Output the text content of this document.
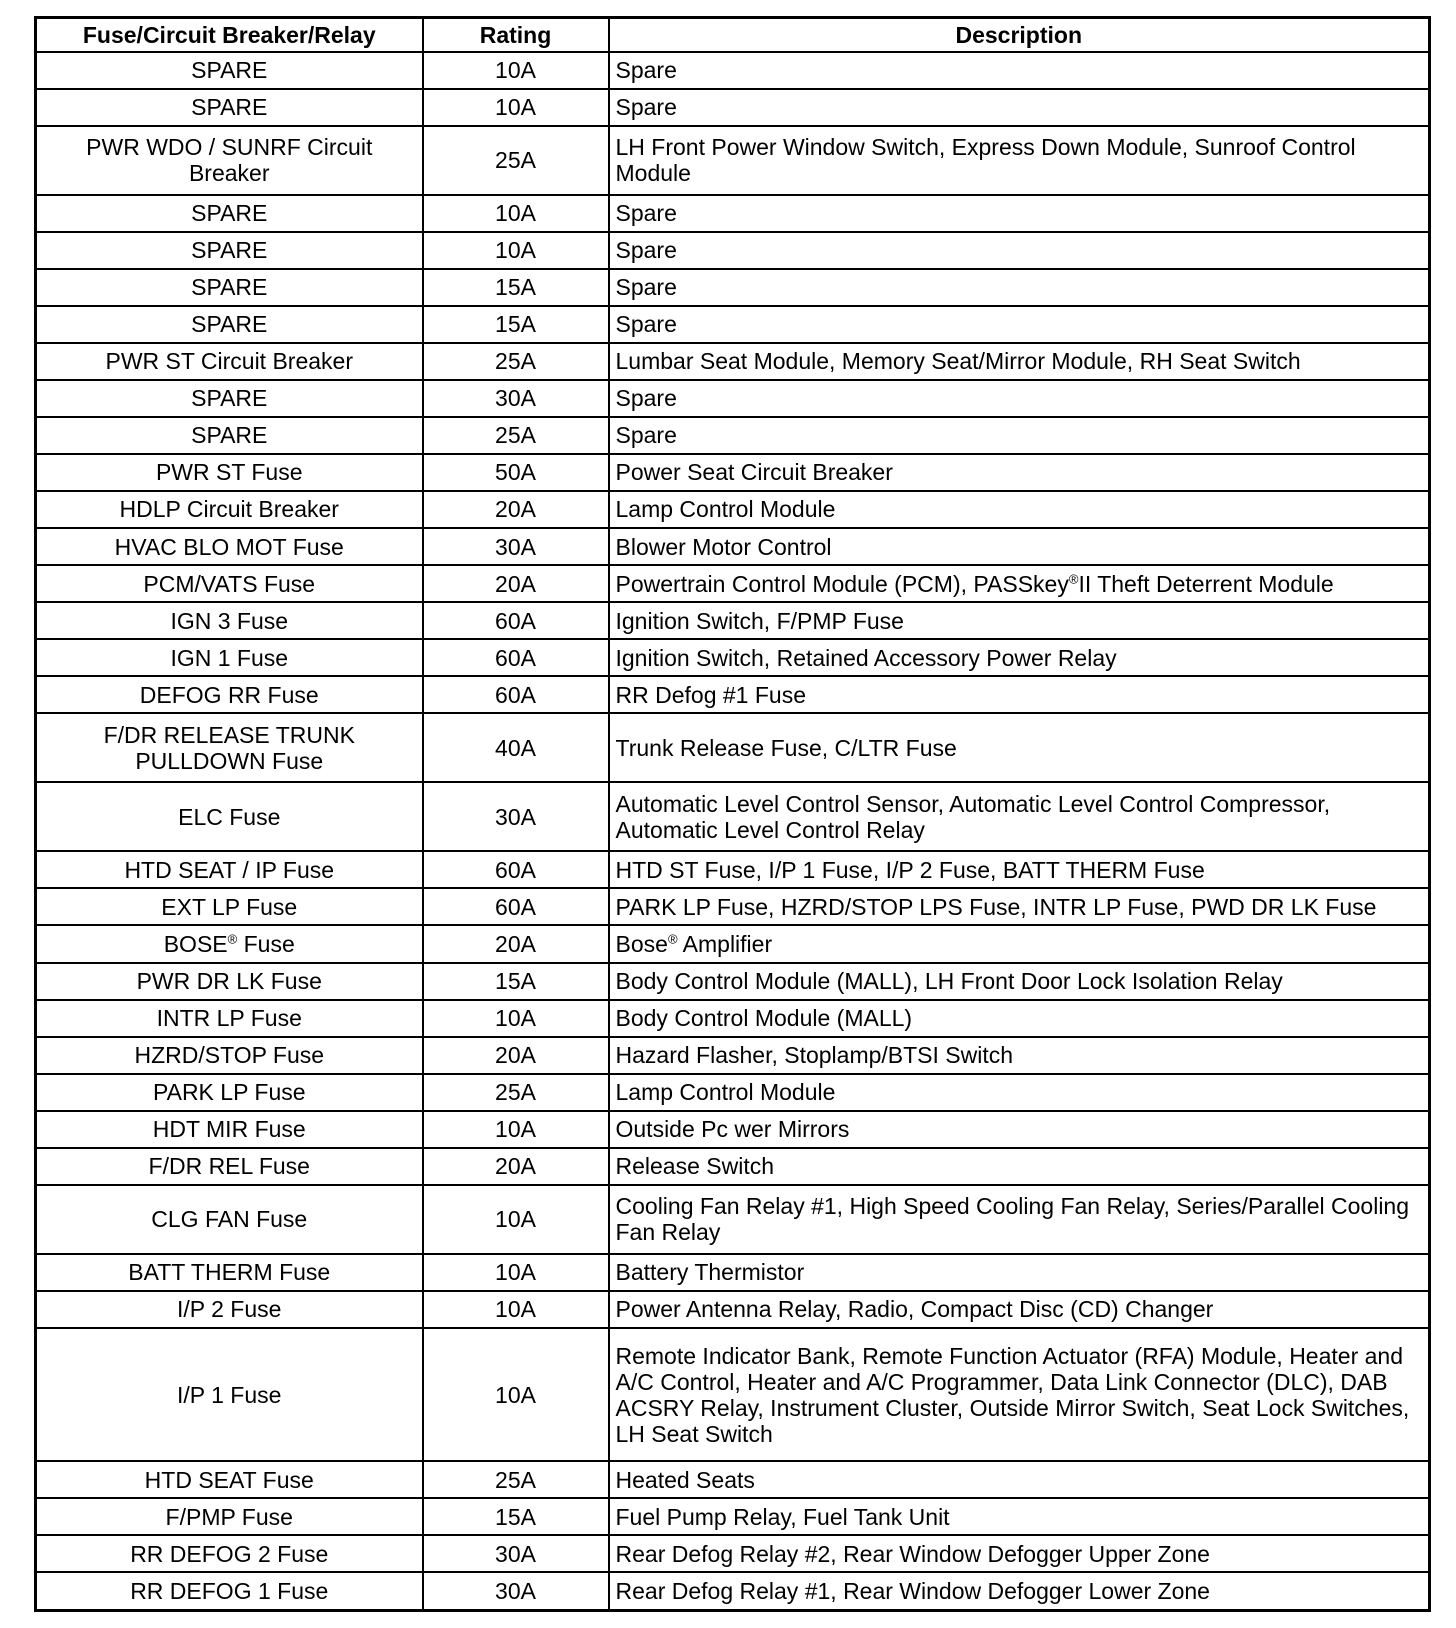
Fuse/Circuit Breaker/Relay	Rating	Description
SPARE	10A	Spare
SPARE	10A	Spare
PWR WDO / SUNRF Circuit Breaker	25A	LH Front Power Window Switch, Express Down Module, Sunroof Control Module
SPARE	10A	Spare
SPARE	10A	Spare
SPARE	15A	Spare
SPARE	15A	Spare
PWR ST Circuit Breaker	25A	Lumbar Seat Module, Memory Seat/Mirror Module, RH Seat Switch
SPARE	30A	Spare
SPARE	25A	Spare
PWR ST Fuse	50A	Power Seat Circuit Breaker
HDLP Circuit Breaker	20A	Lamp Control Module
HVAC BLO MOT Fuse	30A	Blower Motor Control
PCM/VATS Fuse	20A	Powertrain Control Module (PCM), PASSkey®II Theft Deterrent Module
IGN 3 Fuse	60A	Ignition Switch, F/PMP Fuse
IGN 1 Fuse	60A	Ignition Switch, Retained Accessory Power Relay
DEFOG RR Fuse	60A	RR Defog #1 Fuse
F/DR RELEASE TRUNK PULLDOWN Fuse	40A	Trunk Release Fuse, C/LTR Fuse
ELC Fuse	30A	Automatic Level Control Sensor, Automatic Level Control Compressor, Automatic Level Control Relay
HTD SEAT / IP Fuse	60A	HTD ST Fuse, I/P 1 Fuse, I/P 2 Fuse, BATT THERM Fuse
EXT LP Fuse	60A	PARK LP Fuse, HZRD/STOP LPS Fuse, INTR LP Fuse, PWD DR LK Fuse
BOSE® Fuse	20A	Bose® Amplifier
PWR DR LK Fuse	15A	Body Control Module (MALL), LH Front Door Lock Isolation Relay
INTR LP Fuse	10A	Body Control Module (MALL)
HZRD/STOP Fuse	20A	Hazard Flasher, Stoplamp/BTSI Switch
PARK LP Fuse	25A	Lamp Control Module
HDT MIR Fuse	10A	Outside Pc wer Mirrors
F/DR REL Fuse	20A	Release Switch
CLG FAN Fuse	10A	Cooling Fan Relay #1, High Speed Cooling Fan Relay, Series/Parallel Cooling Fan Relay
BATT THERM Fuse	10A	Battery Thermistor
I/P 2 Fuse	10A	Power Antenna Relay, Radio, Compact Disc (CD) Changer
I/P 1 Fuse	10A	Remote Indicator Bank, Remote Function Actuator (RFA) Module, Heater and A/C Control, Heater and A/C Programmer, Data Link Connector (DLC), DAB ACSRY Relay, Instrument Cluster, Outside Mirror Switch, Seat Lock Switches, LH Seat Switch
HTD SEAT Fuse	25A	Heated Seats
F/PMP Fuse	15A	Fuel Pump Relay, Fuel Tank Unit
RR DEFOG 2 Fuse	30A	Rear Defog Relay #2, Rear Window Defogger Upper Zone
RR DEFOG 1 Fuse	30A	Rear Defog Relay #1, Rear Window Defogger Lower Zone
